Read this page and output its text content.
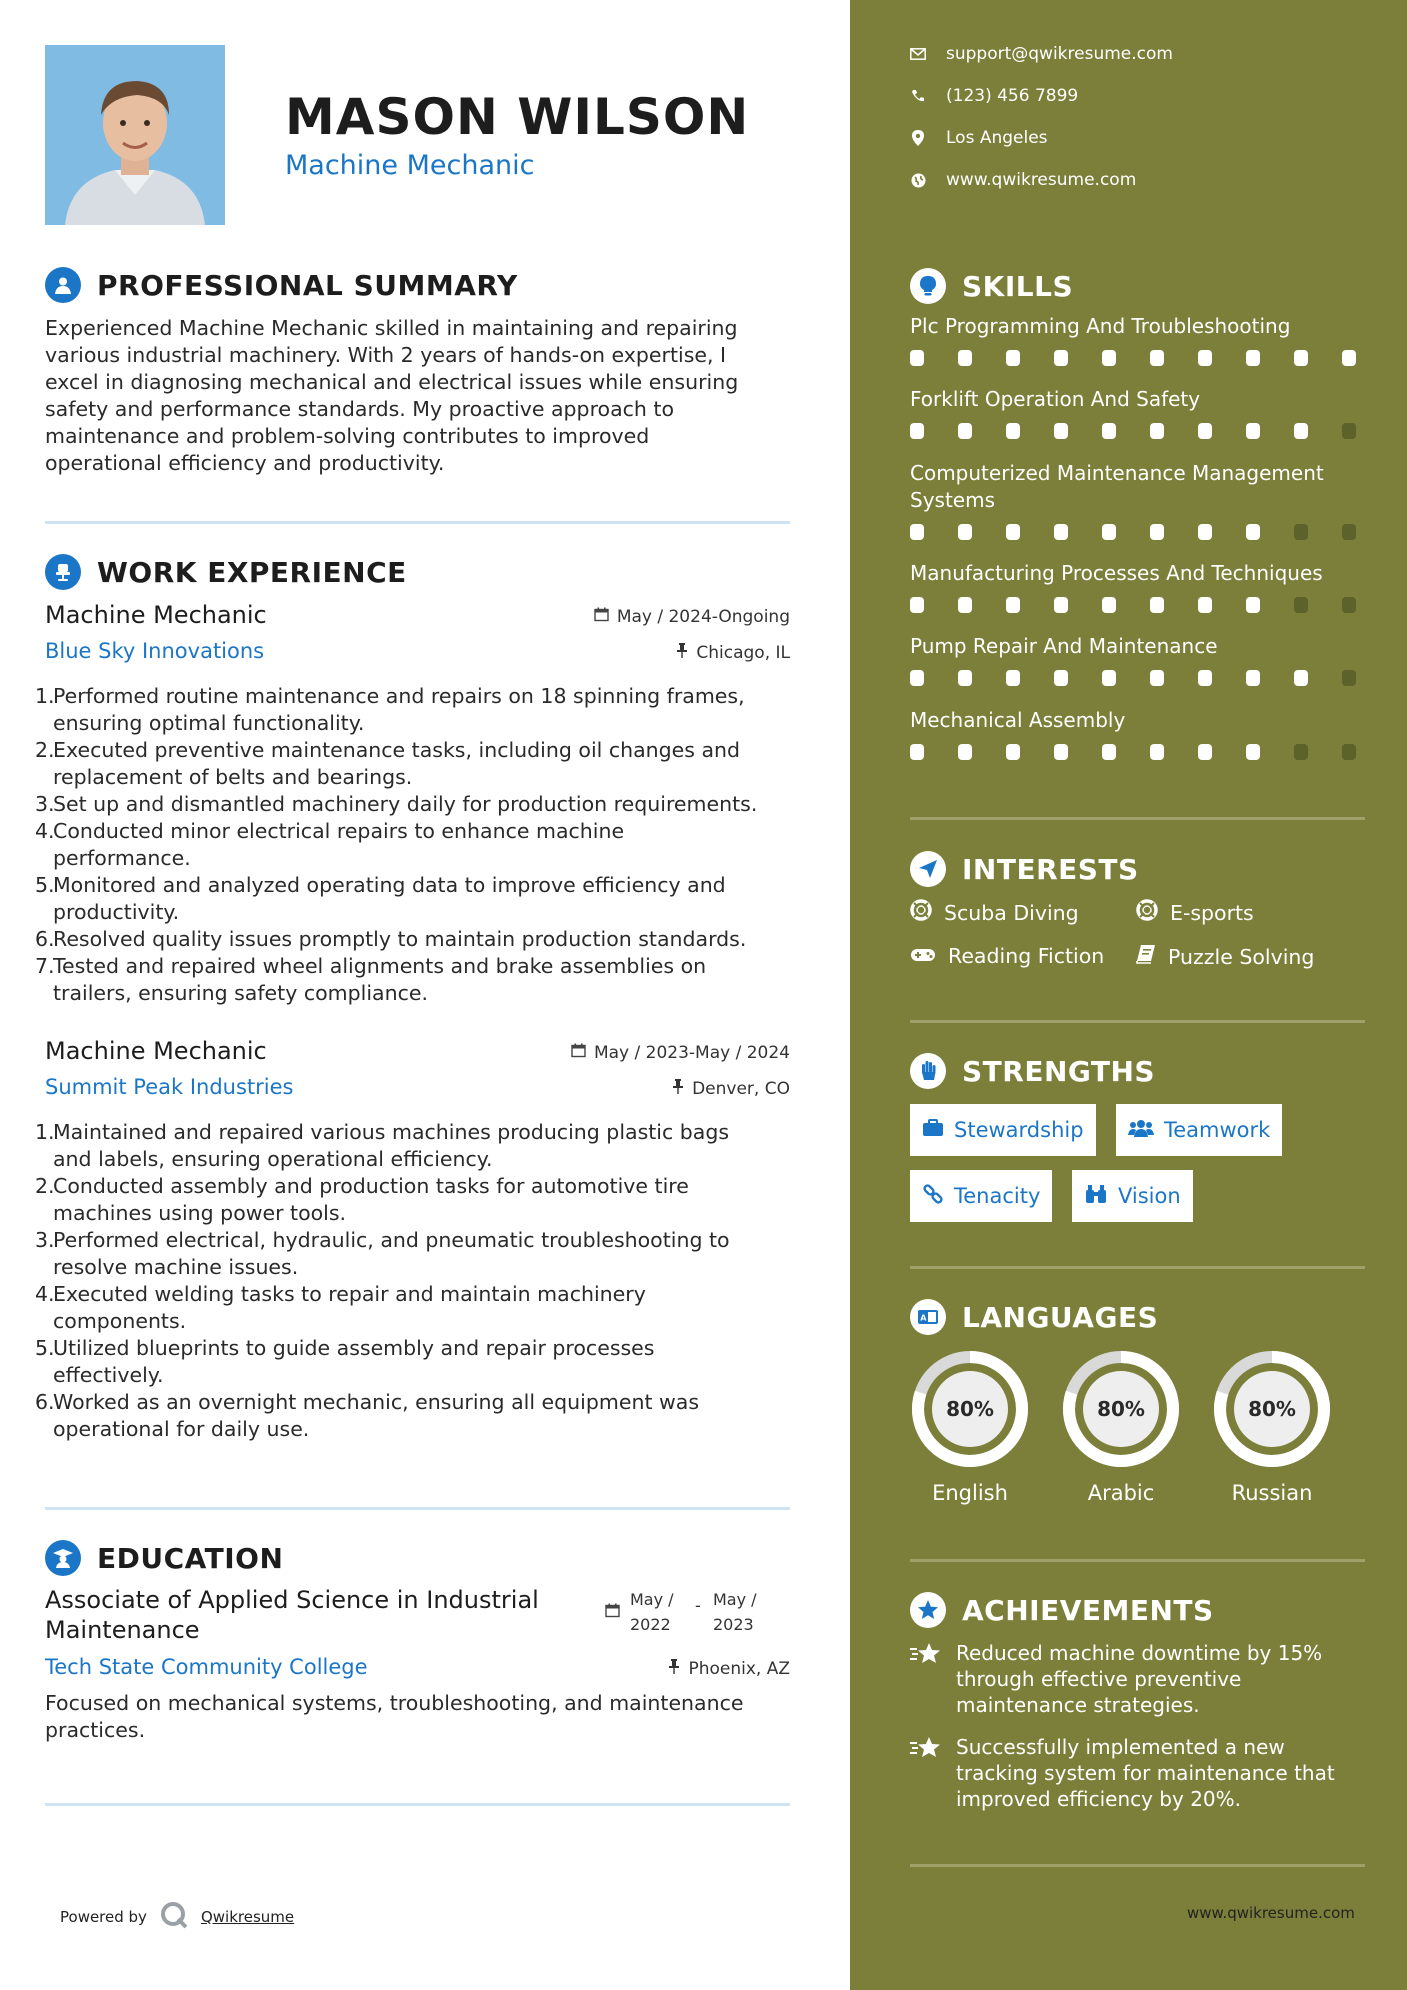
MASON WILSON
Machine Mechanic
PROFESSIONAL SUMMARY
Experienced Machine Mechanic skilled in maintaining and repairing
various industrial machinery. With 2 years of hands-on expertise, I
excel in diagnosing mechanical and electrical issues while ensuring
safety and performance standards. My proactive approach to
maintenance and problem-solving contributes to improved
operational efficiency and productivity.
WORK EXPERIENCE
Machine Mechanic	May / 2024-Ongoing
Blue Sky Innovations	Chicago, IL
1.
Performed routine maintenance and repairs on 18 spinning frames,
ensuring optimal functionality.
2.
Executed preventive maintenance tasks, including oil changes and
replacement of belts and bearings.
3.
Set up and dismantled machinery daily for production requirements.
4.
Conducted minor electrical repairs to enhance machine
performance.
5.
Monitored and analyzed operating data to improve efficiency and
productivity.
6.
Resolved quality issues promptly to maintain production standards.
7.
Tested and repaired wheel alignments and brake assemblies on
trailers, ensuring safety compliance.
Machine Mechanic	May / 2023-May / 2024
Summit Peak Industries	Denver, CO
1.
Maintained and repaired various machines producing plastic bags
and labels, ensuring operational efficiency.
2.
Conducted assembly and production tasks for automotive tire
machines using power tools.
3.
Performed electrical, hydraulic, and pneumatic troubleshooting to
resolve machine issues.
4.
Executed welding tasks to repair and maintain machinery
components.
5.
Utilized blueprints to guide assembly and repair processes
effectively.
6.
Worked as an overnight mechanic, ensuring all equipment was
operational for daily use.
EDUCATION
Associate of Applied Science in Industrial
Maintenance
May /
2022
- May /
2023
Tech State Community College	Phoenix, AZ
Focused on mechanical systems, troubleshooting, and maintenance
practices.
Powered by	Qwikresume
support@qwikresume.com
(123) 456 7899
Los Angeles
www.qwikresume.com
SKILLS
Plc Programming And Troubleshooting
Forklift Operation And Safety
Computerized Maintenance Management
Systems
Manufacturing Processes And Techniques
Pump Repair And Maintenance
Mechanical Assembly
INTERESTS
Scuba Diving	E-sports
Reading Fiction	Puzzle Solving
STRENGTHS
Stewardship	Teamwork
Tenacity	Vision
A LANGUAGES
80%
English
80%
Arabic
80%
Russian
ACHIEVEMENTS
Reduced machine downtime by 15%
through effective preventive
maintenance strategies.
Successfully implemented a new
tracking system for maintenance that
improved efficiency by 20%.
www.qwikresume.com
